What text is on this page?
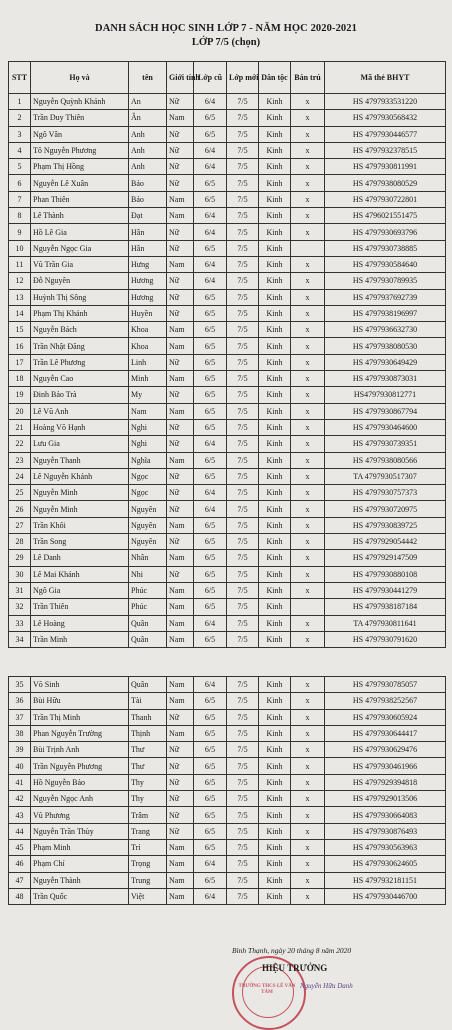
DANH SÁCH HỌC SINH LỚP 7 - NĂM HỌC 2020-2021
LỚP 7/5 (chọn)
STT	Họ và	tên	Giới tính	Lớp cũ	Lớp mới	Dân tộc	Bán trú	Mã thẻ BHYT
1	Nguyễn Quỳnh Khánh	An	Nữ	6/4	7/5	Kinh	x	HS 4797933531220
2	Trần Duy Thiên	Ân	Nam	6/5	7/5	Kinh	x	HS 4797930568432
3	Ngô Vân	Anh	Nữ	6/5	7/5	Kinh	x	HS 4797930446577
4	Tô Nguyễn Phương	Anh	Nữ	6/4	7/5	Kinh	x	HS 4797932378515
5	Phạm Thị Hồng	Anh	Nữ	6/4	7/5	Kinh	x	HS 4797930811991
6	Nguyễn Lê Xuân	Bảo	Nữ	6/5	7/5	Kinh	x	HS 4797938080529
7	Phan Thiên	Bảo	Nam	6/5	7/5	Kinh	x	HS 4797930722801
8	Lê Thành	Đạt	Nam	6/4	7/5	Kinh	x	HS 4796021551475
9	Hồ Lê Gia	Hân	Nữ	6/4	7/5	Kinh	x	HS 4797930693796
10	Nguyễn Ngọc Gia	Hân	Nữ	6/5	7/5	Kinh		HS 4797930738885
11	Vũ Trần Gia	Hưng	Nam	6/4	7/5	Kinh	x	HS 4797930584640
12	Đỗ Nguyên	Hương	Nữ	6/4	7/5	Kinh	x	HS 4797930789935
13	Huỳnh Thị Sông	Hương	Nữ	6/5	7/5	Kinh	x	HS 4797937692739
14	Phạm Thị Khánh	Huyền	Nữ	6/5	7/5	Kinh	x	HS 4797938196997
15	Nguyễn Bách	Khoa	Nam	6/5	7/5	Kinh	x	HS 4797936632730
16	Trần Nhật Đăng	Khoa	Nam	6/5	7/5	Kinh	x	HS 4797938080530
17	Trần Lê Phương	Linh	Nữ	6/5	7/5	Kinh	x	HS 4797930649429
18	Nguyễn Cao	Minh	Nam	6/5	7/5	Kinh	x	HS 4797930873031
19	Đinh Bảo Trà	My	Nữ	6/5	7/5	Kinh	x	HS4797930812771
20	Lê Vũ Anh	Nam	Nam	6/5	7/5	Kinh	x	HS 4797930867794
21	Hoàng Võ Hạnh	Nghi	Nữ	6/5	7/5	Kinh	x	HS 4797930464600
22	Lưu Gia	Nghi	Nữ	6/4	7/5	Kinh	x	HS 4797930739351
23	Nguyễn Thanh	Nghĩa	Nam	6/5	7/5	Kinh	x	HS 4797938080566
24	Lê Nguyễn Khánh	Ngọc	Nữ	6/5	7/5	Kinh	x	TA 4797930517307
25	Nguyễn Minh	Ngọc	Nữ	6/4	7/5	Kinh	x	HS 4797930757373
26	Nguyễn Minh	Nguyên	Nữ	6/4	7/5	Kinh	x	HS 4797930720975
27	Trần Khôi	Nguyên	Nam	6/5	7/5	Kinh	x	HS 4797930839725
28	Trần Song	Nguyên	Nữ	6/5	7/5	Kinh	x	HS 4797929054442
29	Lê Danh	Nhân	Nam	6/5	7/5	Kinh	x	HS 4797929147509
30	Lê Mai Khánh	Nhi	Nữ	6/5	7/5	Kinh	x	HS 4797930880108
31	Ngô Gia	Phúc	Nam	6/5	7/5	Kinh	x	HS 4797930441279
32	Trần Thiên	Phúc	Nam	6/5	7/5	Kinh		HS 4797938187184
33	Lê Hoàng	Quân	Nam	6/4	7/5	Kinh	x	TA 4797930811641
34	Trần Minh	Quân	Nam	6/5	7/5	Kinh	x	HS 4797930791620
35	Võ Sinh	Quân	Nam	6/4	7/5	Kinh	x	HS 4797930785057
36	Bùi Hữu	Tài	Nam	6/5	7/5	Kinh	x	HS 4797938252567
37	Trần Thị Minh	Thanh	Nữ	6/5	7/5	Kinh	x	HS 4797930605924
38	Phan Nguyễn Trường	Thịnh	Nam	6/5	7/5	Kinh	x	HS 4797930644417
39	Bùi Trịnh Anh	Thư	Nữ	6/5	7/5	Kinh	x	HS 4797930629476
40	Trần Nguyễn Phương	Thư	Nữ	6/5	7/5	Kinh	x	HS 4797930461966
41	Hồ Nguyễn Bảo	Thy	Nữ	6/5	7/5	Kinh	x	HS 4797929394818
42	Nguyễn Ngọc Anh	Thy	Nữ	6/5	7/5	Kinh	x	HS 4797929013506
43	Vũ Phương	Trâm	Nữ	6/5	7/5	Kinh	x	HS 4797930664083
44	Nguyễn Trần Thùy	Trang	Nữ	6/5	7/5	Kinh	x	HS 4797930876493
45	Phạm Minh	Trí	Nam	6/5	7/5	Kinh	x	HS 4797930563963
46	Phạm Chí	Trọng	Nam	6/4	7/5	Kinh	x	HS 4797930624605
47	Nguyễn Thành	Trung	Nam	6/5	7/5	Kinh	x	HS 4797932181151
48	Trần Quốc	Việt	Nam	6/4	7/5	Kinh	x	HS 4797930446700
Bình Thạnh, ngày 20 tháng 8 năm 2020
TRƯỜNG THCS LÊ VĂN TÁM
HIỆU TRƯỞNG
Nguyễn Hữu Danh
